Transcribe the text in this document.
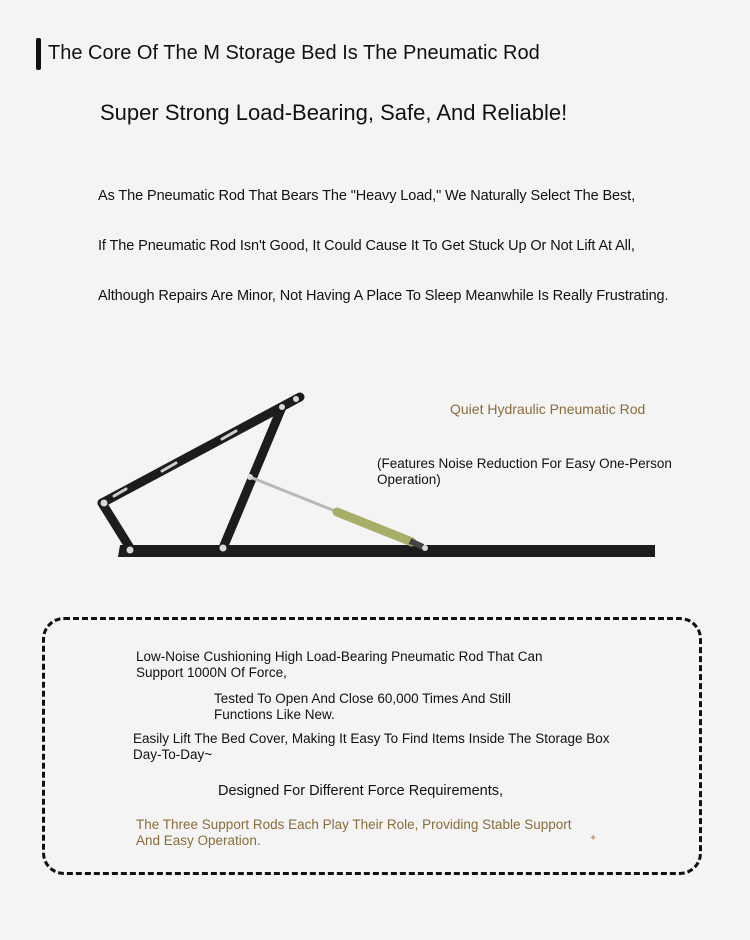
The Core Of The M Storage Bed Is The Pneumatic Rod
Super Strong Load-Bearing, Safe, And Reliable!
As The Pneumatic Rod That Bears The "Heavy Load," We Naturally Select The Best,
If The Pneumatic Rod Isn't Good, It Could Cause It To Get Stuck Up Or Not Lift At All,
Although Repairs Are Minor, Not Having A Place To Sleep Meanwhile Is Really Frustrating.
Quiet Hydraulic Pneumatic Rod
(Features Noise Reduction For Easy One-Person Operation)
Low-Noise Cushioning High Load-Bearing Pneumatic Rod That Can Support 1000N Of Force,
Tested To Open And Close 60,000 Times And Still Functions Like New.
Easily Lift The Bed Cover, Making It Easy To Find Items Inside The Storage Box Day-To-Day~
Designed For Different Force Requirements,
The Three Support Rods Each Play Their Role, Providing Stable Support And Easy Operation.	✦
